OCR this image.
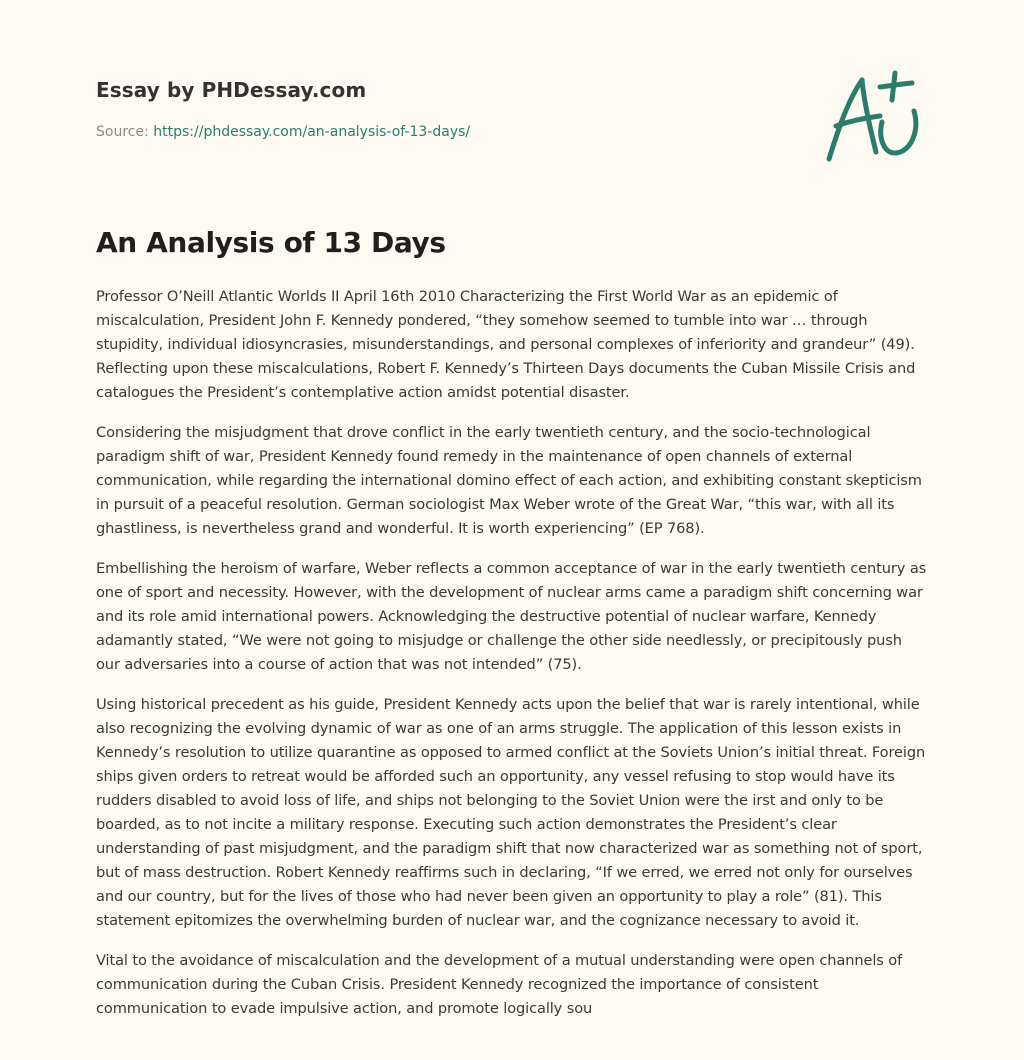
Essay by PHDessay.com
Source: https://phdessay.com/an-analysis-of-13-days/
An Analysis of 13 Days

Professor O’Neill Atlantic Worlds II April 16th 2010 Characterizing the First World War as an epidemic of miscalculation, President John F. Kennedy pondered, “they somehow seemed to tumble into war … through stupidity, individual idiosyncrasies, misunderstandings, and personal complexes of inferiority and grandeur” (49). Reflecting upon these miscalculations, Robert F. Kennedy’s Thirteen Days documents the Cuban Missile Crisis and catalogues the President’s contemplative action amidst potential disaster.

Considering the misjudgment that drove conflict in the early twentieth century, and the socio-technological paradigm shift of war, President Kennedy found remedy in the maintenance of open channels of external communication, while regarding the international domino effect of each action, and exhibiting constant skepticism in pursuit of a peaceful resolution. German sociologist Max Weber wrote of the Great War, “this war, with all its ghastliness, is nevertheless grand and wonderful. It is worth experiencing” (EP 768).

Embellishing the heroism of warfare, Weber reflects a common acceptance of war in the early twentieth century as one of sport and necessity. However, with the development of nuclear arms came a paradigm shift concerning war and its role amid international powers. Acknowledging the destructive potential of nuclear warfare, Kennedy adamantly stated, “We were not going to misjudge or challenge the other side needlessly, or precipitously push our adversaries into a course of action that was not intended” (75).

Using historical precedent as his guide, President Kennedy acts upon the belief that war is rarely intentional, while also recognizing the evolving dynamic of war as one of an arms struggle. The application of this lesson exists in Kennedy’s resolution to utilize quarantine as opposed to armed conflict at the Soviets Union’s initial threat. Foreign ships given orders to retreat would be afforded such an opportunity, any vessel refusing to stop would have its rudders disabled to avoid loss of life, and ships not belonging to the Soviet Union were the irst and only to be boarded, as to not incite a military response. Executing such action demonstrates the President’s clear understanding of past misjudgment, and the paradigm shift that now characterized war as something not of sport, but of mass destruction. Robert Kennedy reaffirms such in declaring, “If we erred, we erred not only for ourselves and our country, but for the lives of those who had never been given an opportunity to play a role” (81). This statement epitomizes the overwhelming burden of nuclear war, and the cognizance necessary to avoid it.

Vital to the avoidance of miscalculation and the development of a mutual understanding were open channels of communication during the Cuban Crisis. President Kennedy recognized the importance of consistent communication to evade impulsive action, and promote logically sou
